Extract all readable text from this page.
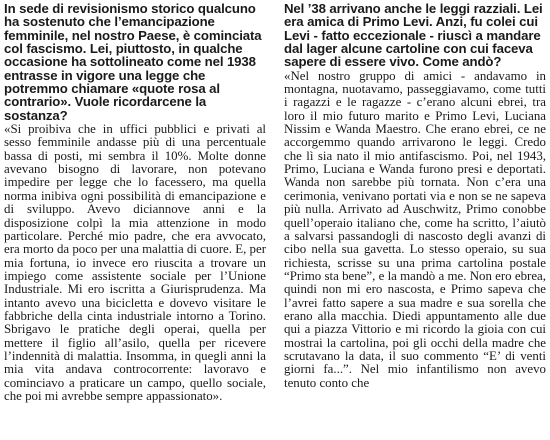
In sede di revisionismo storico qualcuno ha sostenuto che l’emancipazione femminile, nel nostro Paese, è cominciata col fascismo. Lei, piuttosto, in qualche occasione ha sottolineato come nel 1938 entrasse in vigore una legge che potremmo chiamare «quote rosa al contrario». Vuole ricordarcene la sostanza?

«Si proibiva che in uffici pubblici e privati al sesso femminile andasse più di una percentuale bassa di posti, mi sembra il 10%. Molte donne avevano bisogno di lavorare, non potevano impedire per legge che lo facessero, ma quella norma inibiva ogni possibilità di emancipazione e di sviluppo. Avevo diciannove anni e la disposizione colpì la mia attenzione in modo particolare. Perché mio padre, che era avvocato, era morto da poco per una malattia di cuore. E, per mia fortuna, io invece ero riuscita a trovare un impiego come assistente sociale per l’Unione Industriale. Mi ero iscritta a Giurisprudenza. Ma intanto avevo una bicicletta e dovevo visitare le fabbriche della cinta industriale intorno a Torino. Sbrigavo le pratiche degli operai, quella per mettere il figlio all’asilo, quella per ricevere l’indennità di malattia. Insomma, in quegli anni la mia vita andava controcorrente: lavoravo e cominciavo a praticare un campo, quello sociale, che poi mi avrebbe sempre appassionato».

Nel ’38 arrivano anche le leggi razziali. Lei era amica di Primo Levi. Anzi, fu colei cui Levi - fatto eccezionale - riuscì a mandare dal lager alcune cartoline con cui faceva sapere di essere vivo. Come andò?

«Nel nostro gruppo di amici - andavamo in montagna, nuotavamo, passeggiavamo, come tutti i ragazzi e le ragazze - c’erano alcuni ebrei, tra loro il mio futuro marito e Primo Levi, Luciana Nissim e Wanda Maestro. Che erano ebrei, ce ne accorgemmo quando arrivarono le leggi. Credo che lì sia nato il mio antifascismo. Poi, nel 1943, Primo, Luciana e Wanda furono presi e deportati. Wanda non sarebbe più tornata. Non c’era una cerimonia, venivano portati via e non se ne sapeva più nulla. Arrivato ad Auschwitz, Primo conobbe quell’operaio italiano che, come ha scritto, l’aiutò a salvarsi passandogli di nascosto degli avanzi di cibo nella sua gavetta. Lo stesso operaio, su sua richiesta, scrisse su una prima cartolina postale “Primo sta bene”, e la mandò a me. Non ero ebrea, quindi non mi ero nascosta, e Primo sapeva che l’avrei fatto sapere a sua madre e sua sorella che erano alla macchia. Diedi appuntamento alle due qui a piazza Vittorio e mi ricordo la gioia con cui mostrai la cartolina, poi gli occhi della madre che scrutavano la data, il suo commento “E’ di venti giorni fa...”. Nel mio infantilismo non avevo tenuto conto che
